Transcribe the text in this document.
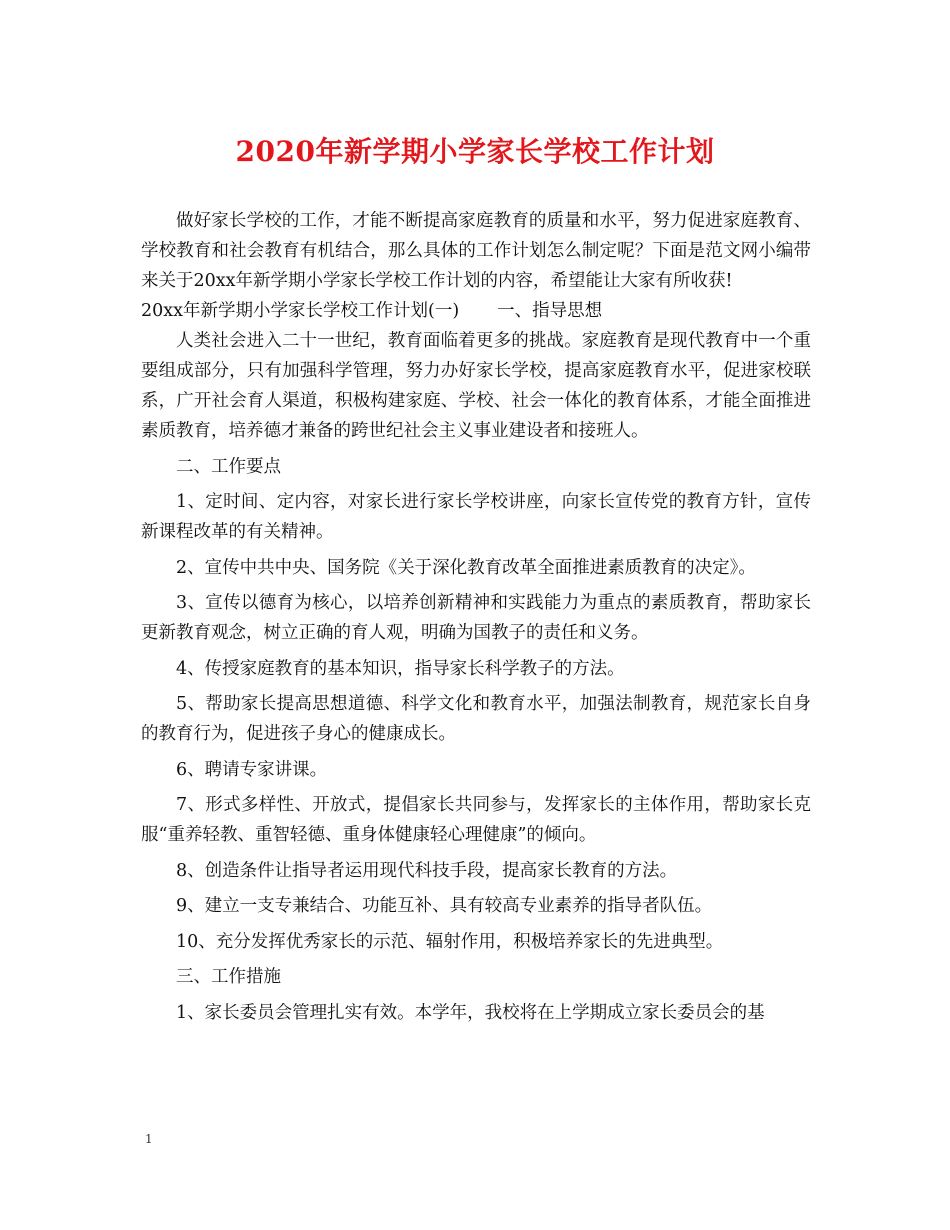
2020年新学期小学家长学校工作计划

做好家长学校的工作，才能不断提高家庭教育的质量和水平，努力促进家庭教育、学校教育和社会教育有机结合，那么具体的工作计划怎么制定呢？下面是范文网小编带来关于20xx年新学期小学家长学校工作计划的内容，希望能让大家有所收获!

20xx年新学期小学家长学校工作计划(一) 一、指导思想

人类社会进入二十一世纪，教育面临着更多的挑战。家庭教育是现代教育中一个重要组成部分，只有加强科学管理，努力办好家长学校，提高家庭教育水平，促进家校联系，广开社会育人渠道，积极构建家庭、学校、社会一体化的教育体系，才能全面推进素质教育，培养德才兼备的跨世纪社会主义事业建设者和接班人。

二、工作要点

1、定时间、定内容，对家长进行家长学校讲座，向家长宣传党的教育方针，宣传新课程改革的有关精神。

2、宣传中共中央、国务院《关于深化教育改革全面推进素质教育的决定》。

3、宣传以德育为核心，以培养创新精神和实践能力为重点的素质教育，帮助家长更新教育观念，树立正确的育人观，明确为国教子的责任和义务。

4、传授家庭教育的基本知识，指导家长科学教子的方法。

5、帮助家长提高思想道德、科学文化和教育水平，加强法制教育，规范家长自身的教育行为，促进孩子身心的健康成长。

6、聘请专家讲课。

7、形式多样性、开放式，提倡家长共同参与，发挥家长的主体作用，帮助家长克服“重养轻教、重智轻德、重身体健康轻心理健康”的倾向。

8、创造条件让指导者运用现代科技手段，提高家长教育的方法。

9、建立一支专兼结合、功能互补、具有较高专业素养的指导者队伍。

10、充分发挥优秀家长的示范、辐射作用，积极培养家长的先进典型。

三、工作措施

1、家长委员会管理扎实有效。本学年，我校将在上学期成立家长委员会的基

1
